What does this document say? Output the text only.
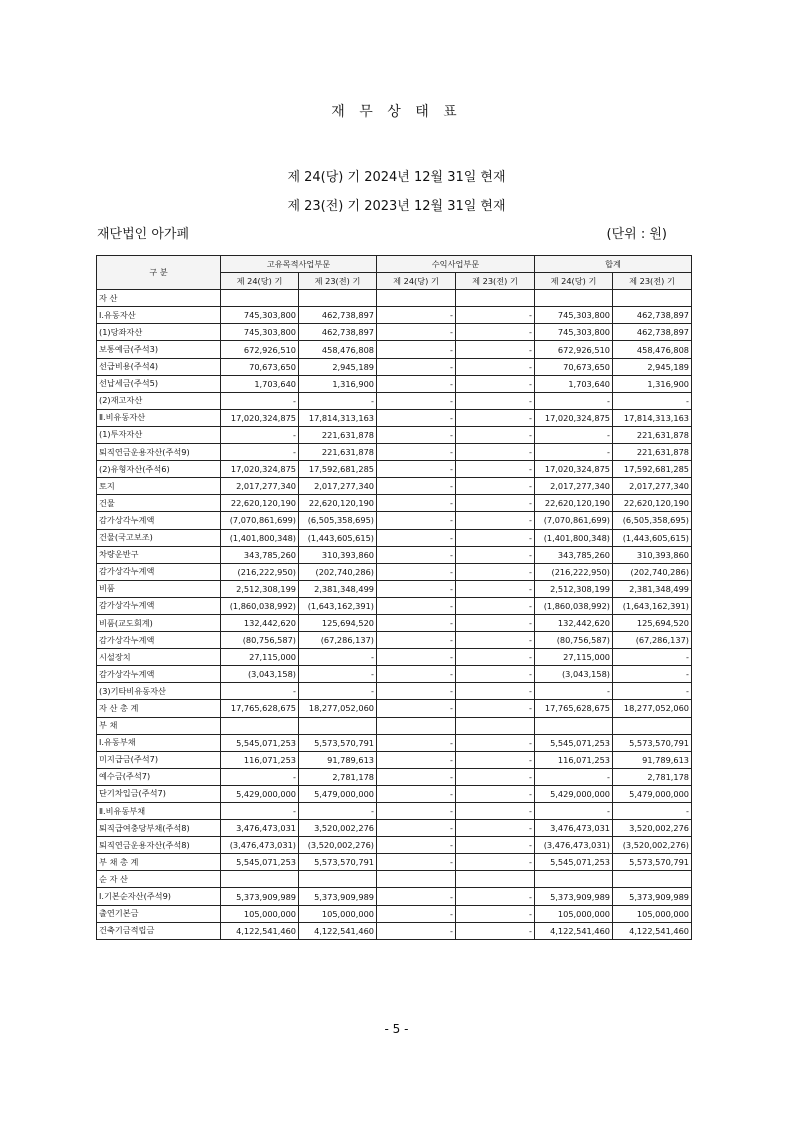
재 무 상 태 표
제 24(당) 기 2024년 12월 31일 현재
제 23(전) 기 2023년 12월 31일 현재
재단법인 아가페	(단위 : 원)
구 분	고유목적사업부문		수익사업부문		합계	
	제 24(당) 기	제 23(전) 기	제 24(당) 기	제 23(전) 기	제 24(당) 기	제 23(전) 기
자 산						
Ⅰ.유동자산	745,303,800	462,738,897	-	-	745,303,800	462,738,897
(1)당좌자산	745,303,800	462,738,897	-	-	745,303,800	462,738,897
보통예금(주석3)	672,926,510	458,476,808	-	-	672,926,510	458,476,808
선급비용(주석4)	70,673,650	2,945,189	-	-	70,673,650	2,945,189
선납세금(주석5)	1,703,640	1,316,900	-	-	1,703,640	1,316,900
(2)재고자산	-	-	-	-	-	-
Ⅱ.비유동자산	17,020,324,875	17,814,313,163	-	-	17,020,324,875	17,814,313,163
(1)투자자산	-	221,631,878	-	-	-	221,631,878
퇴직연금운용자산(주석9)	-	221,631,878	-	-	-	221,631,878
(2)유형자산(주석6)	17,020,324,875	17,592,681,285	-	-	17,020,324,875	17,592,681,285
토지	2,017,277,340	2,017,277,340	-	-	2,017,277,340	2,017,277,340
건물	22,620,120,190	22,620,120,190	-	-	22,620,120,190	22,620,120,190
감가상각누계액	(7,070,861,699)	(6,505,358,695)	-	-	(7,070,861,699)	(6,505,358,695)
건물(국고보조)	(1,401,800,348)	(1,443,605,615)	-	-	(1,401,800,348)	(1,443,605,615)
차량운반구	343,785,260	310,393,860	-	-	343,785,260	310,393,860
감가상각누계액	(216,222,950)	(202,740,286)	-	-	(216,222,950)	(202,740,286)
비품	2,512,308,199	2,381,348,499	-	-	2,512,308,199	2,381,348,499
감가상각누계액	(1,860,038,992)	(1,643,162,391)	-	-	(1,860,038,992)	(1,643,162,391)
비품(교도회계)	132,442,620	125,694,520	-	-	132,442,620	125,694,520
감가상각누계액	(80,756,587)	(67,286,137)	-	-	(80,756,587)	(67,286,137)
시설장치	27,115,000	-	-	-	27,115,000	-
감가상각누계액	(3,043,158)	-	-	-	(3,043,158)	-
(3)기타비유동자산	-	-	-	-	-	-
자 산 총 계	17,765,628,675	18,277,052,060	-	-	17,765,628,675	18,277,052,060
부 채						
Ⅰ.유동부채	5,545,071,253	5,573,570,791	-	-	5,545,071,253	5,573,570,791
미지급금(주석7)	116,071,253	91,789,613	-	-	116,071,253	91,789,613
예수금(주석7)	-	2,781,178	-	-	-	2,781,178
단기차입금(주석7)	5,429,000,000	5,479,000,000	-	-	5,429,000,000	5,479,000,000
Ⅱ.비유동부채	-	-	-	-	-	-
퇴직급여충당부채(주석8)	3,476,473,031	3,520,002,276	-	-	3,476,473,031	3,520,002,276
퇴직연금운용자산(주석8)	(3,476,473,031)	(3,520,002,276)	-	-	(3,476,473,031)	(3,520,002,276)
부 채 총 계	5,545,071,253	5,573,570,791	-	-	5,545,071,253	5,573,570,791
순 자 산						
Ⅰ.기본순자산(주석9)	5,373,909,989	5,373,909,989	-	-	5,373,909,989	5,373,909,989
출연기본금	105,000,000	105,000,000	-	-	105,000,000	105,000,000
건축기금적립금	4,122,541,460	4,122,541,460	-	-	4,122,541,460	4,122,541,460
- 5 -
